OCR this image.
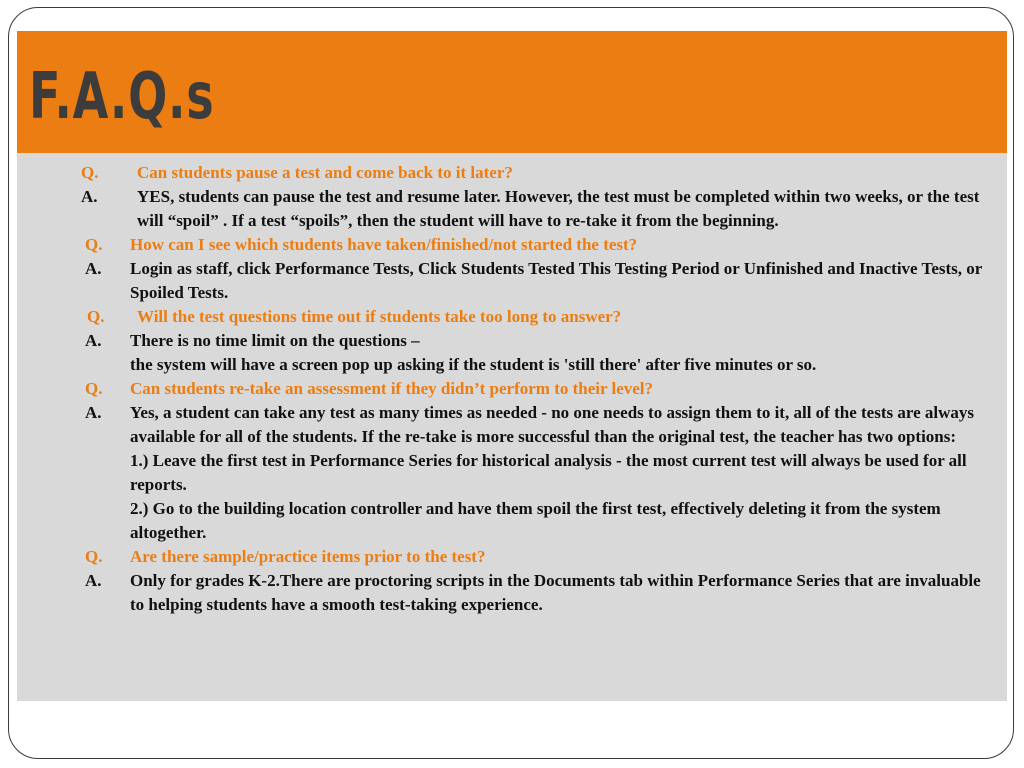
F.A.Q.s
Q. Can students pause a test and come back to it later?
A. YES, students can pause the test and resume later. However, the test must be completed within two weeks, or the test will “spoil” . If a test “spoils”, then the student will have to re-take it from the beginning.
Q. How can I see which students have taken/finished/not started the test?
A. Login as staff, click Performance Tests, Click Students Tested This Testing Period or Unfinished and Inactive Tests, or Spoiled Tests.
Q. Will the test questions time out if students take too long to answer?
A. There is no time limit on the questions –
the system will have a screen pop up asking if the student is 'still there' after five minutes or so.
Q. Can students re-take an assessment if they didn’t perform to their level?
A. Yes, a student can take any test as many times as needed - no one needs to assign them to it, all of the tests are always available for all of the students. If the re-take is more successful than the original test, the teacher has two options:
1.) Leave the first test in Performance Series for historical analysis - the most current test will always be used for all reports.
2.) Go to the building location controller and have them spoil the first test, effectively deleting it from the system altogether.
Q. Are there sample/practice items prior to the test?
A. Only for grades K-2.There are proctoring scripts in the Documents tab within Performance Series that are invaluable to helping students have a smooth test-taking experience.
